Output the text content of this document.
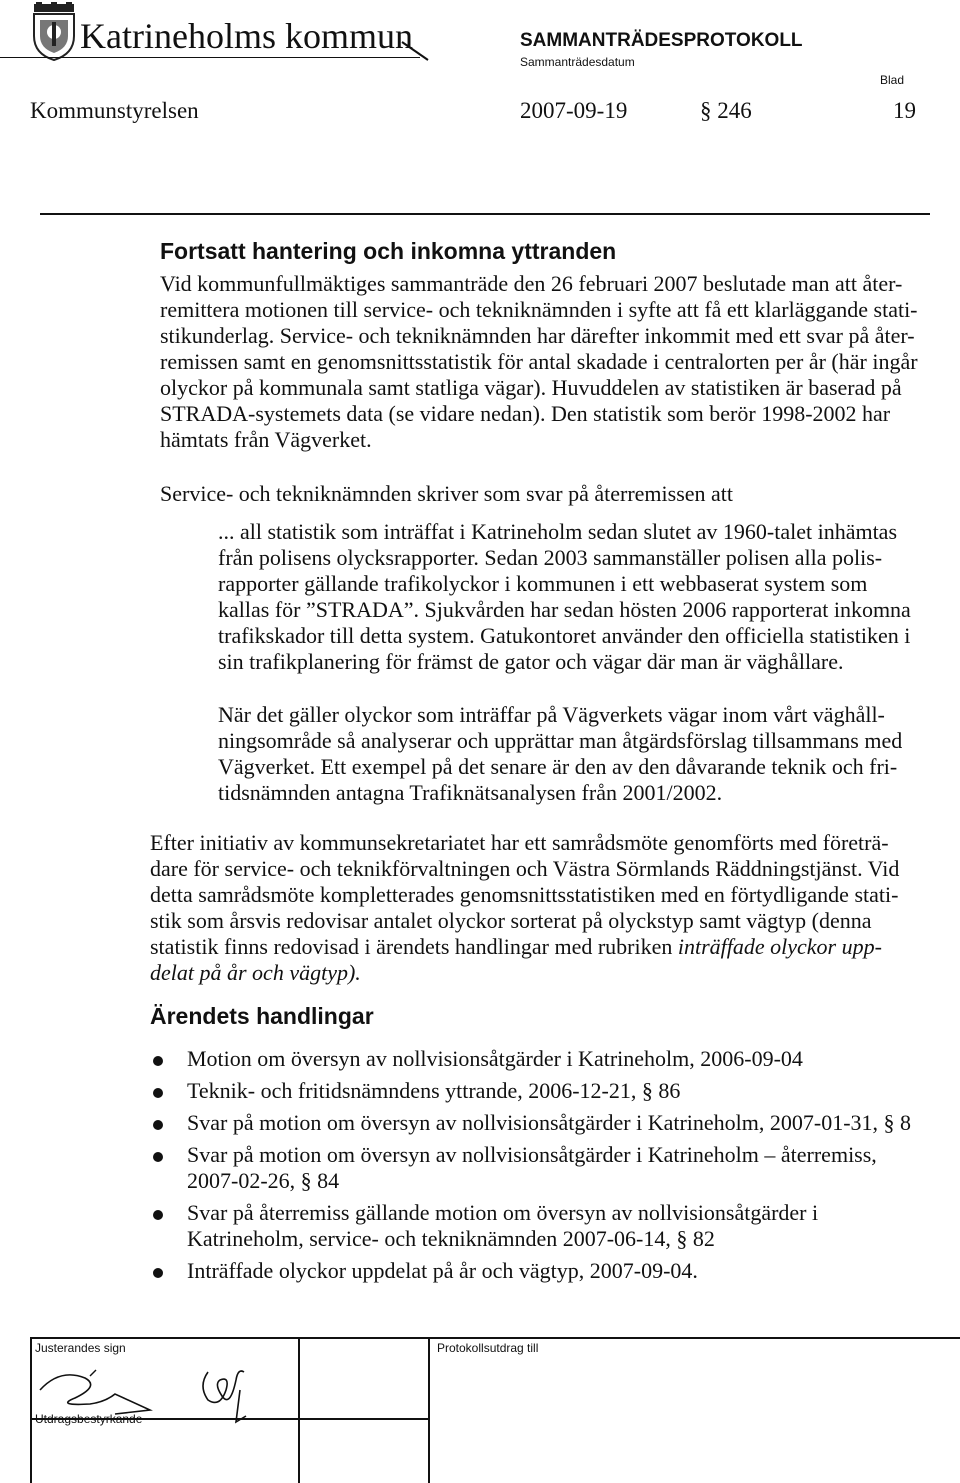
Katrineholms kommun	SAMMANTRÄDESPROTOKOLL
Sammanträdesdatum
Blad
Kommunstyrelsen	2007-09-19	§ 246	19
Fortsatt hantering och inkomna yttranden
Vid kommunfullmäktiges sammanträde den 26 februari 2007 beslutade man att åter-
remittera motionen till service- och tekniknämnden i syfte att få ett klarläggande stati-
stikunderlag. Service- och tekniknämnden har därefter inkommit med ett svar på åter-
remissen samt en genomsnittsstatistik för antal skadade i centralorten per år (här ingår
olyckor på kommunala samt statliga vägar). Huvuddelen av statistiken är baserad på
STRADA-systemets data (se vidare nedan). Den statistik som berör 1998-2002 har
hämtats från Vägverket.
Service- och tekniknämnden skriver som svar på återremissen att
... all statistik som inträffat i Katrineholm sedan slutet av 1960-talet inhämtas
från polisens olycksrapporter. Sedan 2003 sammanställer polisen alla polis-
rapporter gällande trafikolyckor i kommunen i ett webbaserat system som
kallas för ”STRADA”. Sjukvården har sedan hösten 2006 rapporterat inkomna
trafikskador till detta system. Gatukontoret använder den officiella statistiken i
sin trafikplanering för främst de gator och vägar där man är väghållare.
När det gäller olyckor som inträffar på Vägverkets vägar inom vårt väghåll-
ningsområde så analyserar och upprättar man åtgärdsförslag tillsammans med
Vägverket. Ett exempel på det senare är den av den dåvarande teknik och fri-
tidsnämnden antagna Trafiknätsanalysen från 2001/2002.
Efter initiativ av kommunsekretariatet har ett samrådsmöte genomförts med företrä-
dare för service- och teknikförvaltningen och Västra Sörmlands Räddningstjänst. Vid
detta samrådsmöte kompletterades genomsnittsstatistiken med en förtydligande stati-
stik som årsvis redovisar antalet olyckor sorterat på olyckstyp samt vägtyp (denna
statistik finns redovisad i ärendets handlingar med rubriken inträffade olyckor upp-
delat på år och vägtyp).
Ärendets handlingar
Motion om översyn av nollvisionsåtgärder i Katrineholm, 2006-09-04
Teknik- och fritidsnämndens yttrande, 2006-12-21, § 86
Svar på motion om översyn av nollvisionsåtgärder i Katrineholm, 2007-01-31, § 8
Svar på motion om översyn av nollvisionsåtgärder i Katrineholm – återremiss,
2007-02-26, § 84
Svar på återremiss gällande motion om översyn av nollvisionsåtgärder i
Katrineholm, service- och tekniknämnden 2007-06-14, § 82
Inträffade olyckor uppdelat på år och vägtyp, 2007-09-04.
Justerandes sign
Utdragsbestyrkande
Protokollsutdrag till
